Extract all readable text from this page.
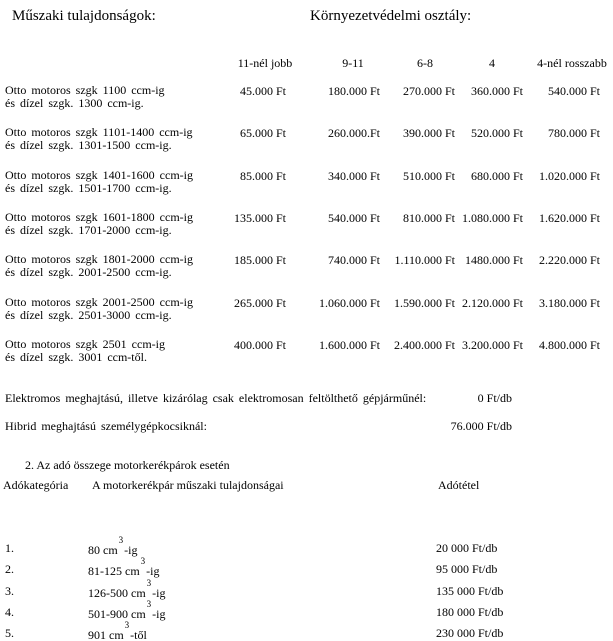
Műszaki tulajdonságok:	Környezetvédelmi osztály:
11-nél jobb	9-11	6-8	4	4-nél rosszabb
Otto motoros szgk 1100 ccm-ig
és dízel szgk. 1300 ccm-ig.
45.000 Ft	180.000 Ft	270.000 Ft	360.000 Ft	540.000 Ft
Otto motoros szgk 1101-1400 ccm-ig
és dízel szgk. 1301-1500 ccm-ig.
65.000 Ft	260.000.Ft	390.000 Ft	520.000 Ft	780.000 Ft
Otto motoros szgk 1401-1600 ccm-ig
és dízel szgk. 1501-1700 ccm-ig.
85.000 Ft	340.000 Ft	510.000 Ft	680.000 Ft	1.020.000 Ft
Otto motoros szgk 1601-1800 ccm-ig
és dízel szgk. 1701-2000 ccm-ig.
135.000 Ft	540.000 Ft	810.000 Ft 1.080.000 Ft	1.620.000 Ft
Otto motoros szgk 1801-2000 ccm-ig
és dízel szgk. 2001-2500 ccm-ig.
185.000 Ft	740.000 Ft	1.110.000 Ft 1480.000 Ft	2.220.000 Ft
Otto motoros szgk 2001-2500 ccm-ig
és dízel szgk. 2501-3000 ccm-ig.
265.000 Ft	1.060.000 Ft	1.590.000 Ft 2.120.000 Ft	3.180.000 Ft
Otto motoros szgk 2501 ccm-ig
és dízel szgk. 3001 ccm-től.
400.000 Ft	1.600.000 Ft	2.400.000 Ft 3.200.000 Ft	4.800.000 Ft
Elektromos meghajtású, illetve kizárólag csak elektromosan feltölthető gépjárműnél:	0 Ft/db
Hibrid meghajtású személygépkocsiknál:	76.000 Ft/db
2. Az adó összege motorkerékpárok esetén
Adókategória A motorkerékpár műszaki tulajdonságai	Adótétel
1.	80 $cm^3-ig$	20 000 Ft/db
2.	81-125 $cm^3-ig$	95 000 Ft/db
3.	126-500 $cm^3-ig$	135 000 Ft/db
4.	501-900 $cm^3-ig$	180 000 Ft/db
5.	901 $cm^3$-től	230 000 Ft/db
